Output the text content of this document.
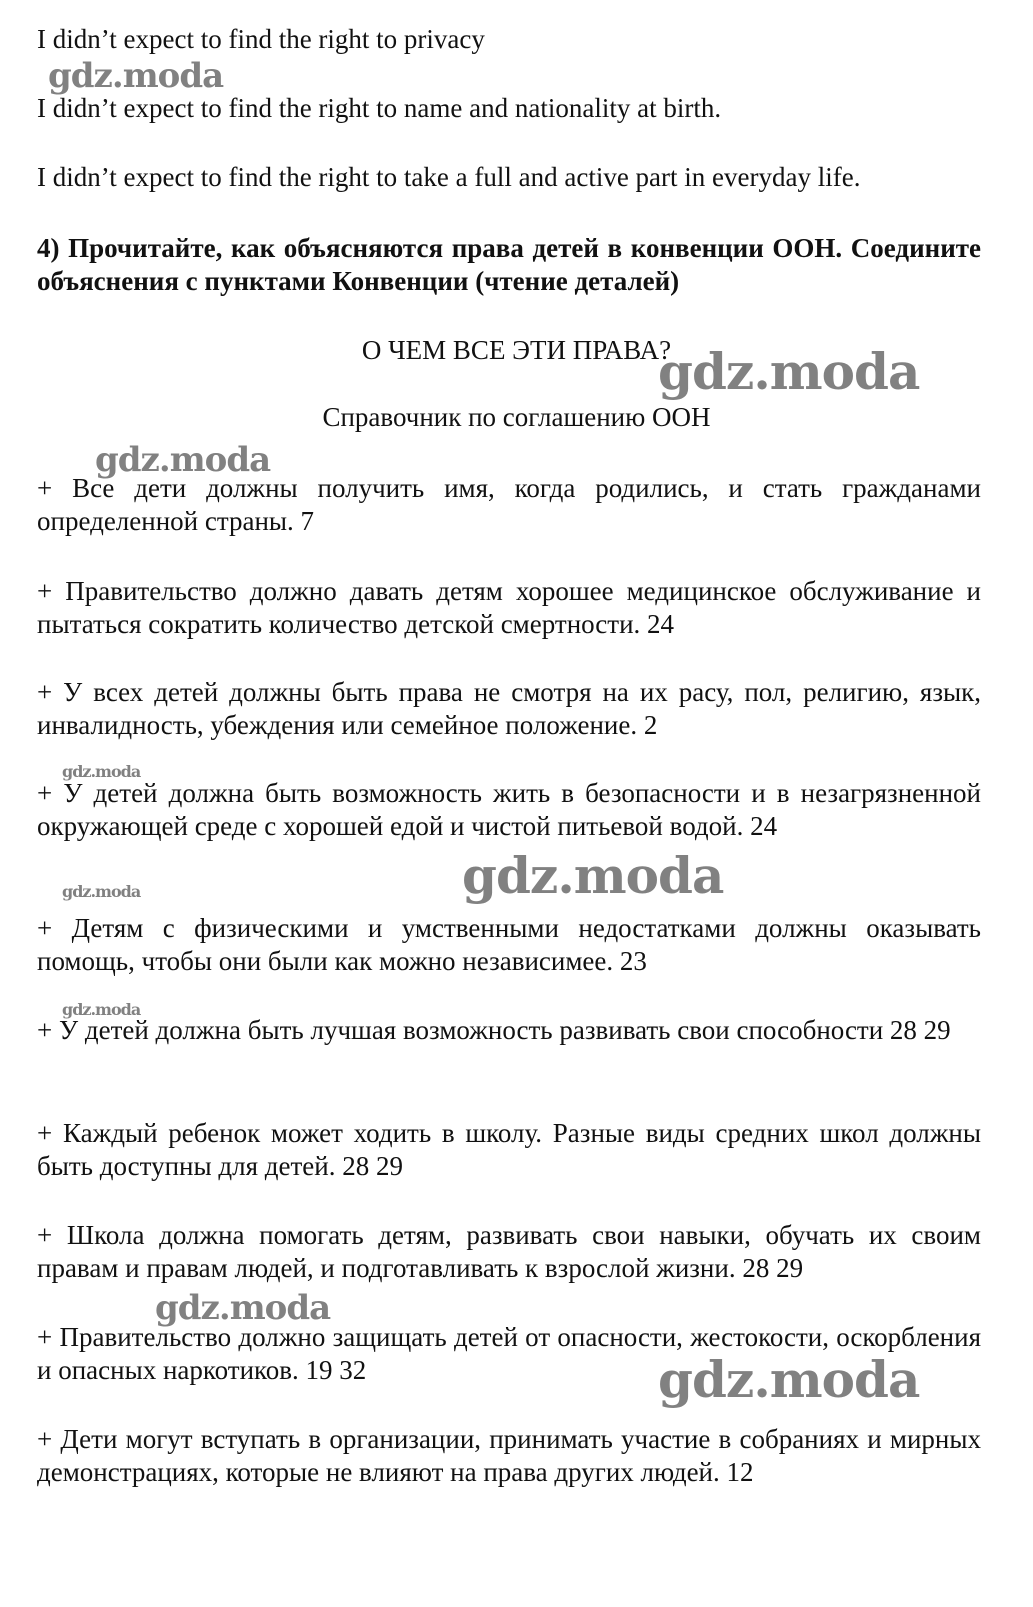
I didn’t expect to find the right to privacy

I didn’t expect to find the right to name and nationality at birth.

I didn’t expect to find the right to take a full and active part in everyday life.

4) Прочитайте, как объясняются права детей в конвенции ООН. Соедините объяснения с пунктами Конвенции (чтение деталей)

О ЧЕМ ВСЕ ЭТИ ПРАВА?

Справочник по соглашению ООН

+ Все дети должны получить имя, когда родились, и стать гражданами определенной страны. 7

+ Правительство должно давать детям хорошее медицинское обслуживание и пытаться сократить количество детской смертности. 24

+ У всех детей должны быть права не смотря на их расу, пол, религию, язык, инвалидность, убеждения или семейное положение. 2

+ У детей должна быть возможность жить в безопасности и в незагрязненной окружающей среде с хорошей едой и чистой питьевой водой. 24

+ Детям с физическими и умственными недостатками должны оказывать помощь, чтобы они были как можно независимее. 23

+ У детей должна быть лучшая возможность развивать свои способности 28 29

+ Каждый ребенок может ходить в школу. Разные виды средних школ должны быть доступны для детей. 28 29

+ Школа должна помогать детям, развивать свои навыки, обучать их своим правам и правам людей, и подготавливать к взрослой жизни. 28 29

+ Правительство должно защищать детей от опасности, жестокости, оскорбления и опасных наркотиков. 19 32

+ Дети могут вступать в организации, принимать участие в собраниях и мирных демонстрациях, которые не влияют на права других людей. 12

gdz.moda
gdz.moda
gdz.moda
gdz.moda
gdz.moda
gdz.moda
gdz.moda
gdz.moda
gdz.moda
